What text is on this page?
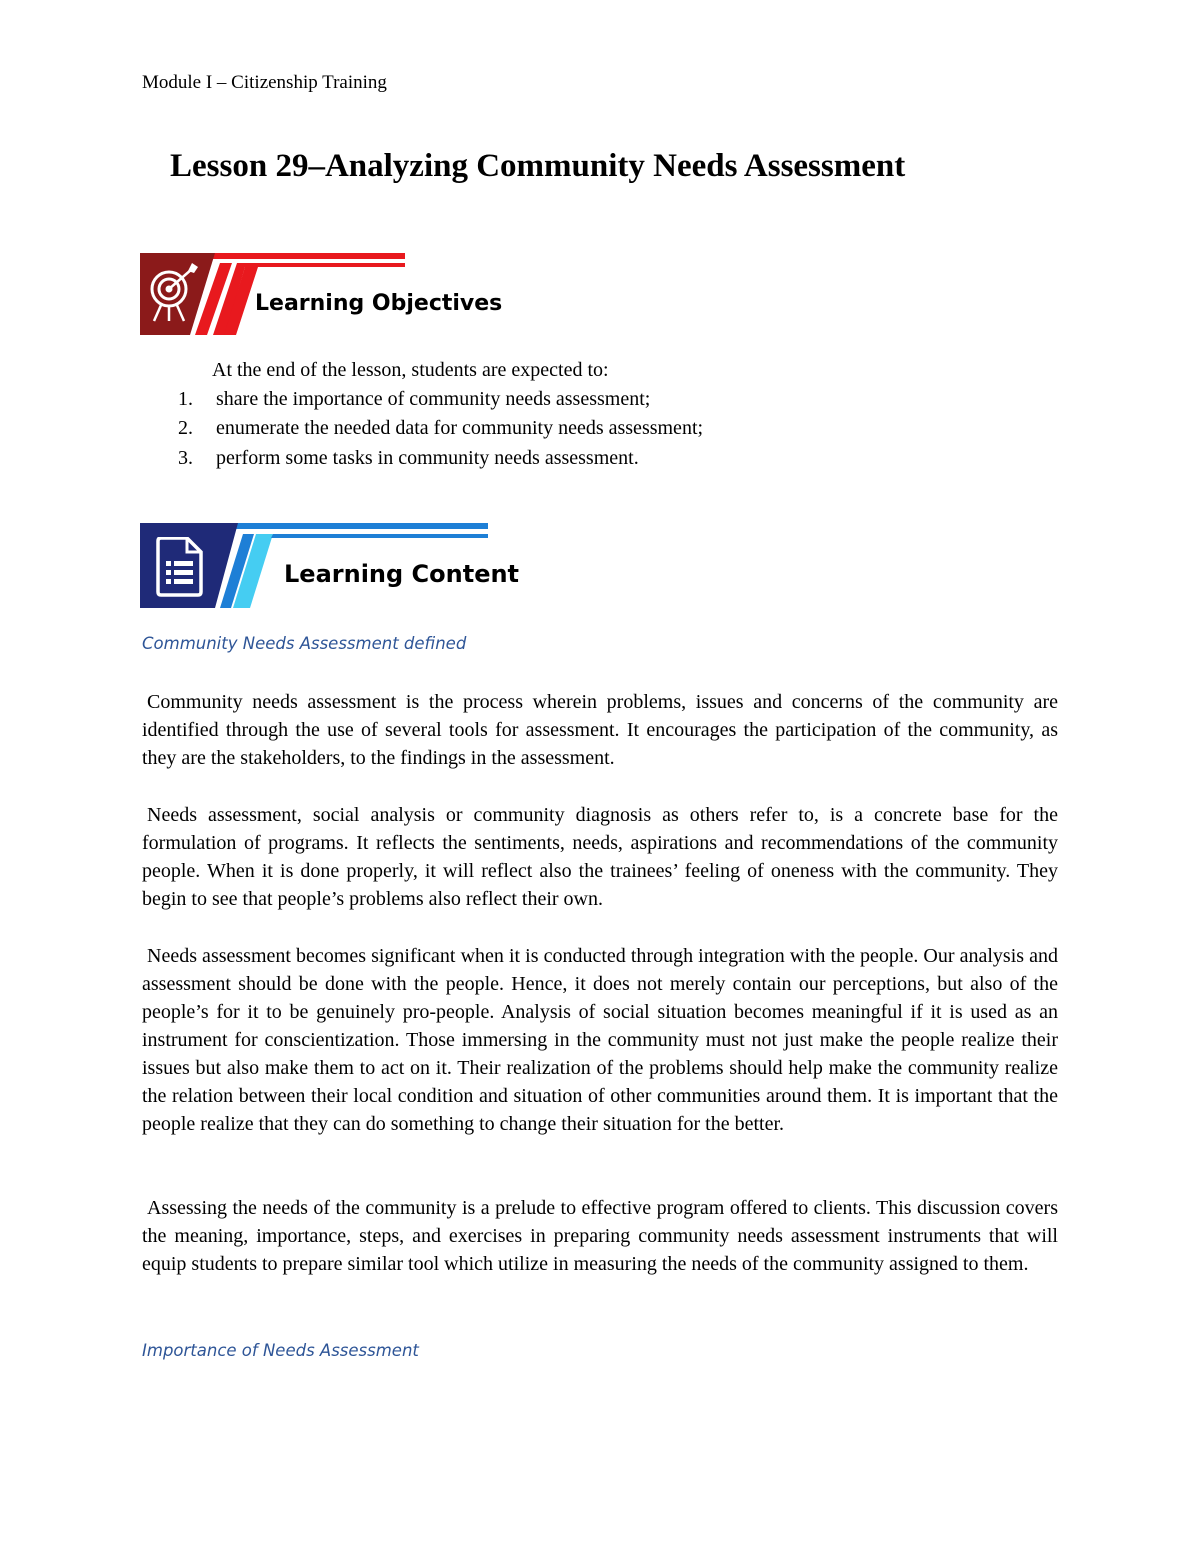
Module I – Citizenship Training
Lesson 29–Analyzing Community Needs Assessment
Learning Objectives
At the end of the lesson, students are expected to:
1.	share the importance of community needs assessment;
2.	enumerate the needed data for community needs assessment;
3.	perform some tasks in community needs assessment.
Learning Content
Community Needs Assessment defined

Community needs assessment is the process wherein problems, issues and concerns of the community are identified through the use of several tools for assessment. It encourages the participation of the community, as they are the stakeholders, to the findings in the assessment.

Needs assessment, social analysis or community diagnosis as others refer to, is a concrete base for the formulation of programs. It reflects the sentiments, needs, aspirations and recommendations of the community people. When it is done properly, it will reflect also the trainees’ feeling of oneness with the community. They begin to see that people’s problems also reflect their own.

Needs assessment becomes significant when it is conducted through integration with the people. Our analysis and assessment should be done with the people. Hence, it does not merely contain our perceptions, but also of the people’s for it to be genuinely pro-people. Analysis of social situation becomes meaningful if it is used as an instrument for conscientization. Those immersing in the community must not just make the people realize their issues but also make them to act on it. Their realization of the problems should help make the community realize the relation between their local condition and situation of other communities around them. It is important that the people realize that they can do something to change their situation for the better.

Assessing the needs of the community is a prelude to effective program offered to clients. This discussion covers the meaning, importance, steps, and exercises in preparing community needs assessment instruments that will equip students to prepare similar tool which utilize in measuring the needs of the community assigned to them.

Importance of Needs Assessment
